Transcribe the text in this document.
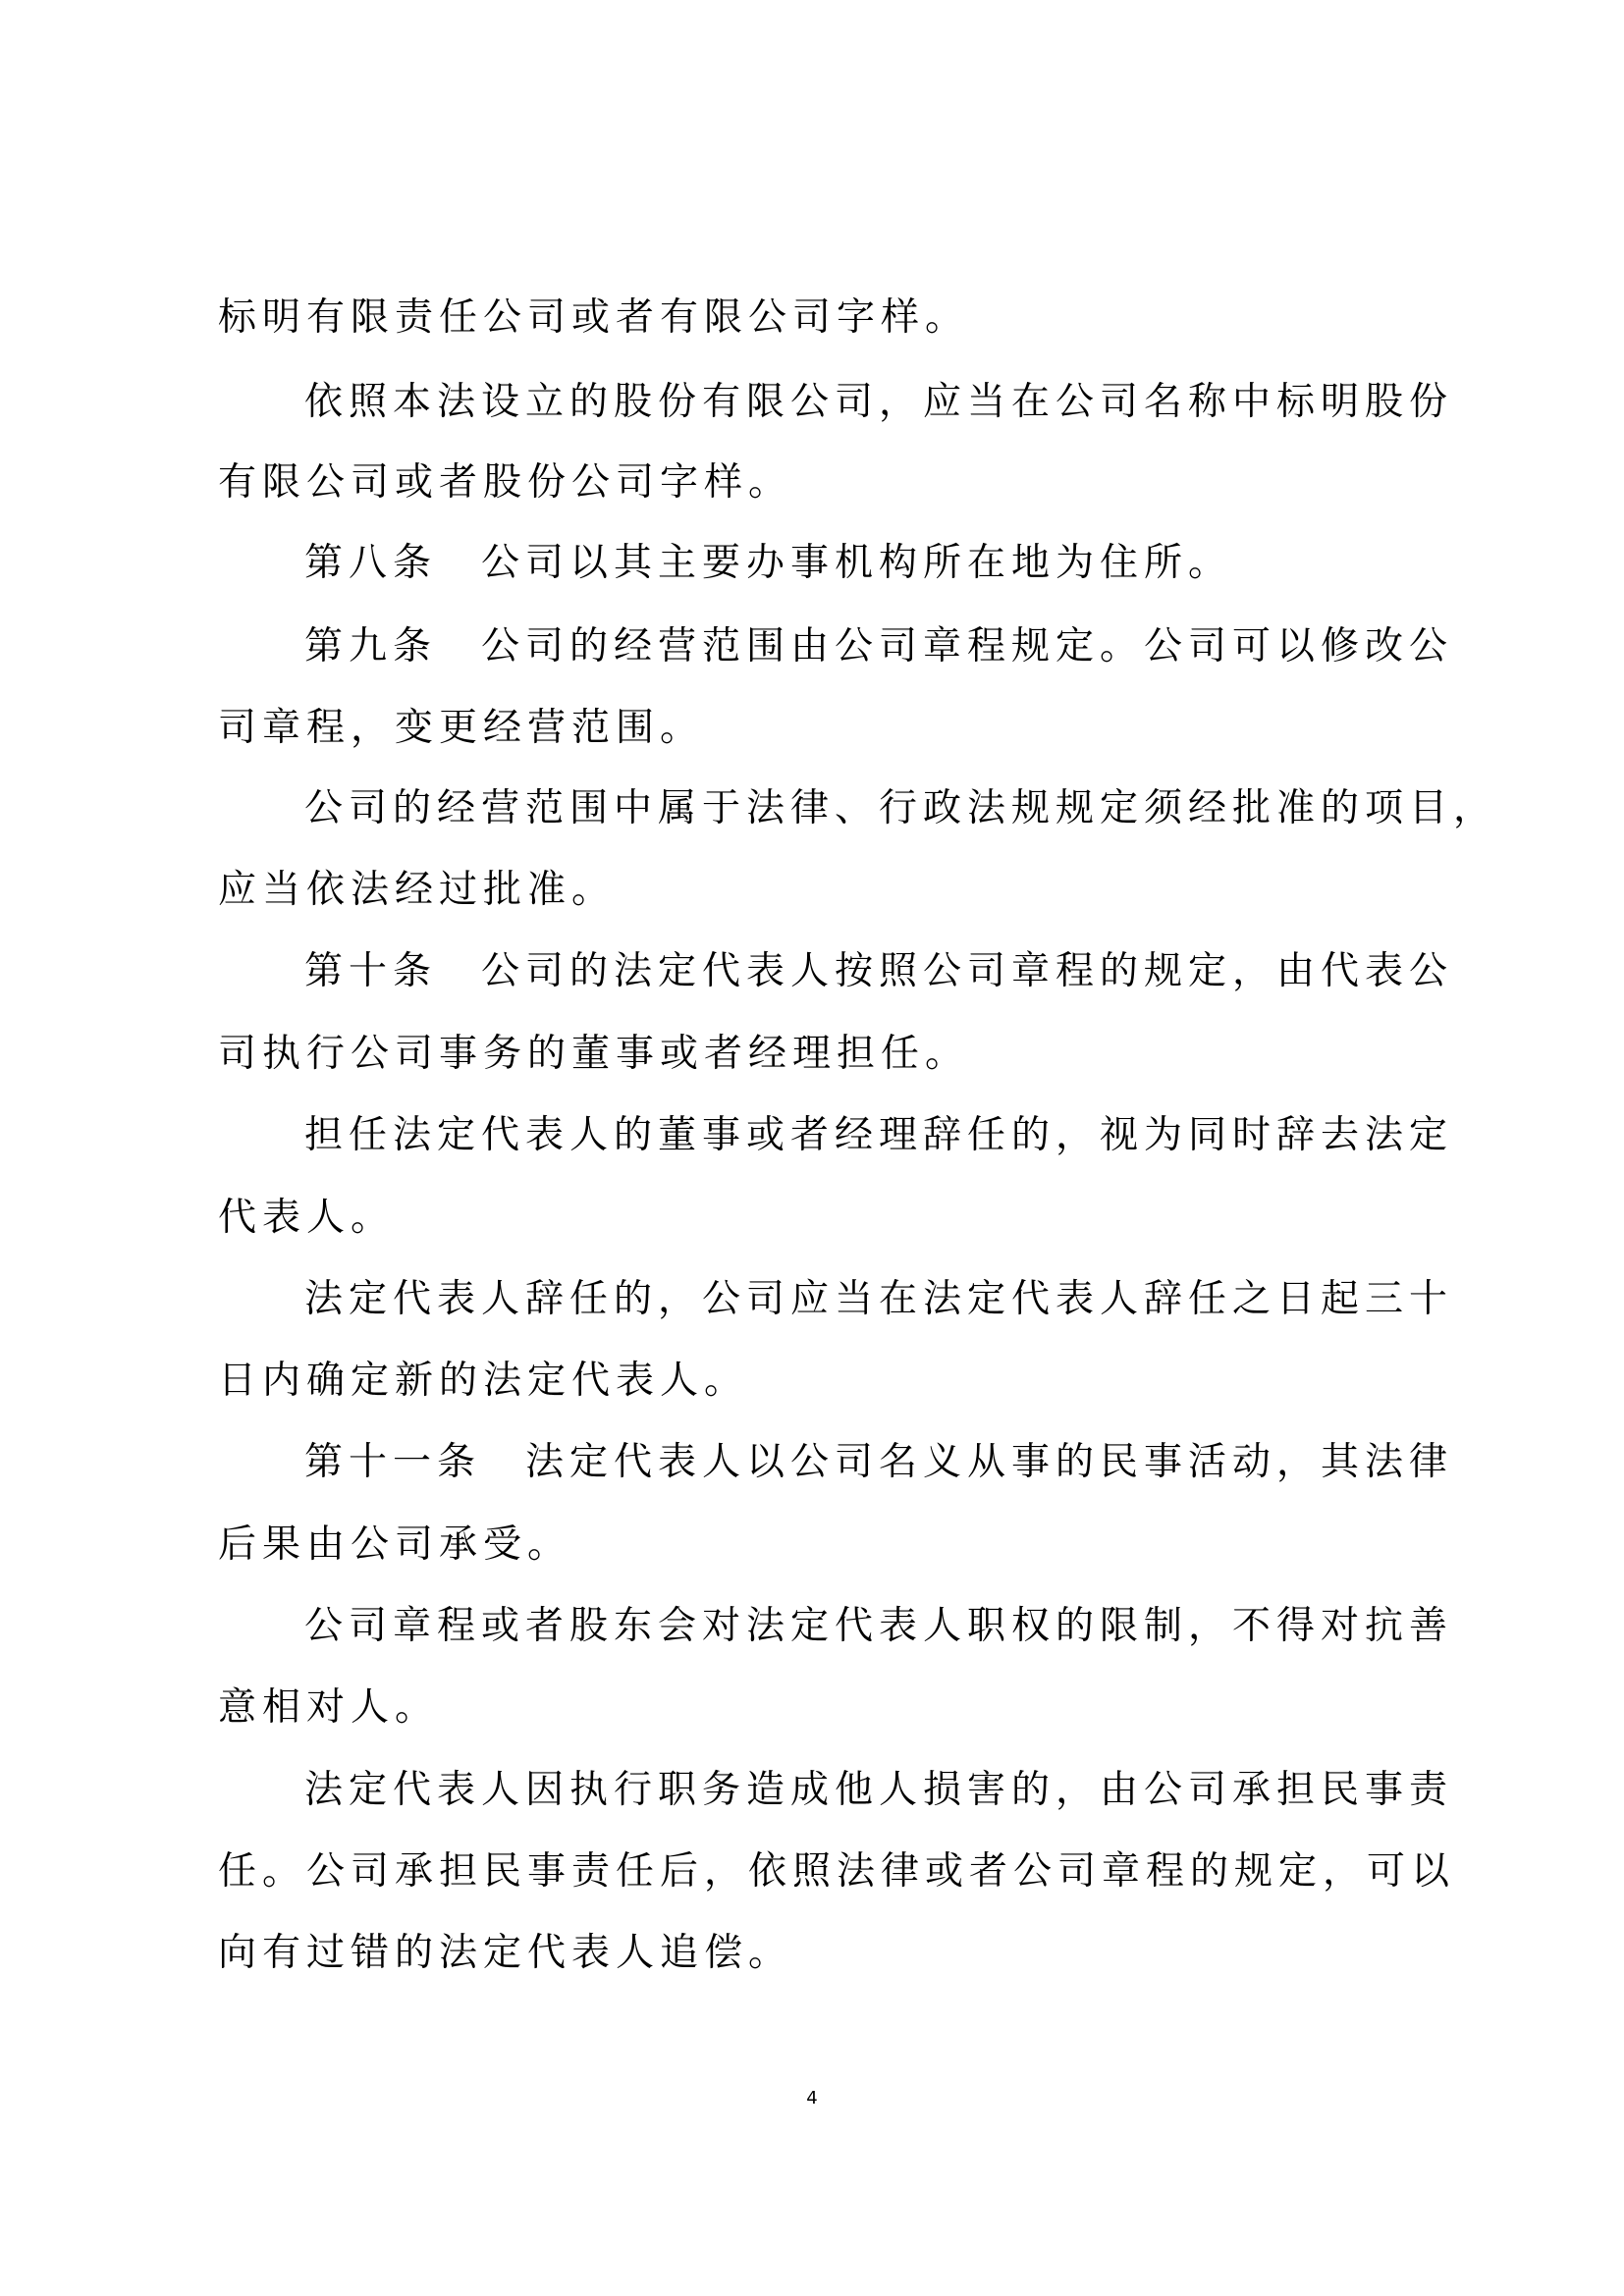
标明有限责任公司或者有限公司字样。
依照本法设立的股份有限公司，应当在公司名称中标明股份
有限公司或者股份公司字样。
第八条　公司以其主要办事机构所在地为住所。
第九条　公司的经营范围由公司章程规定。公司可以修改公
司章程，变更经营范围。
公司的经营范围中属于法律、行政法规规定须经批准的项目，
应当依法经过批准。
第十条　公司的法定代表人按照公司章程的规定，由代表公
司执行公司事务的董事或者经理担任。
担任法定代表人的董事或者经理辞任的，视为同时辞去法定
代表人。
法定代表人辞任的，公司应当在法定代表人辞任之日起三十
日内确定新的法定代表人。
第十一条　法定代表人以公司名义从事的民事活动，其法律
后果由公司承受。
公司章程或者股东会对法定代表人职权的限制，不得对抗善
意相对人。
法定代表人因执行职务造成他人损害的，由公司承担民事责
任。公司承担民事责任后，依照法律或者公司章程的规定，可以
向有过错的法定代表人追偿。
4
